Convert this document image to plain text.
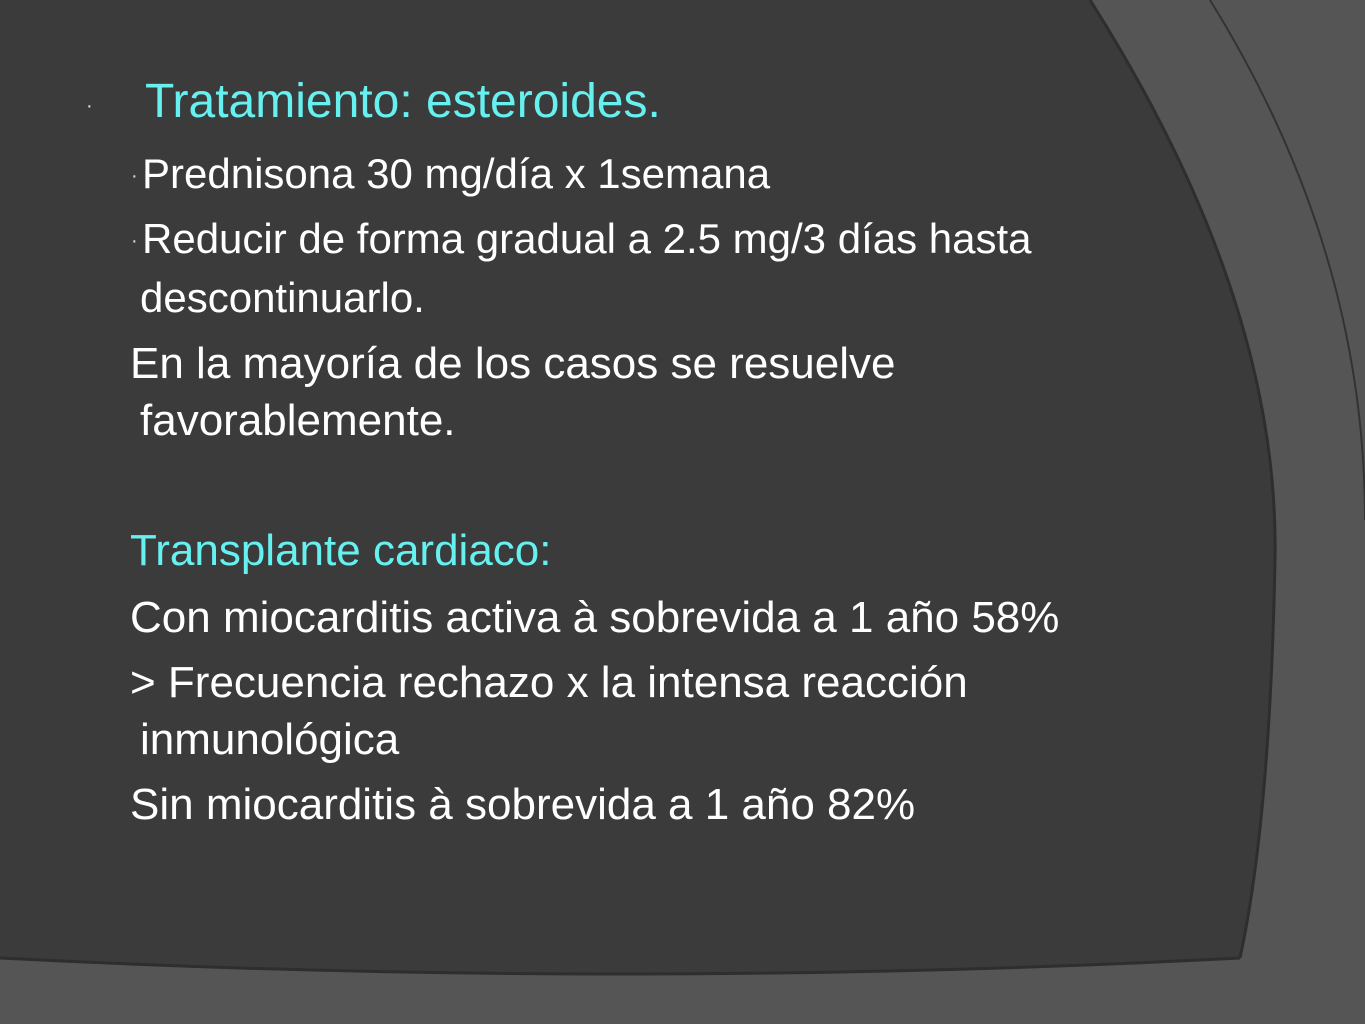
· Tratamiento: esteroides.
· Prednisona 30 mg/día x 1semana
· Reducir de forma gradual a 2.5 mg/3 días hasta
descontinuarlo.
En la mayoría de los casos se resuelve
favorablemente.
Transplante cardiaco:
Con miocarditis activa à sobrevida a 1 año 58%
> Frecuencia rechazo x la intensa reacción
inmunológica
Sin miocarditis à sobrevida a 1 año 82%
